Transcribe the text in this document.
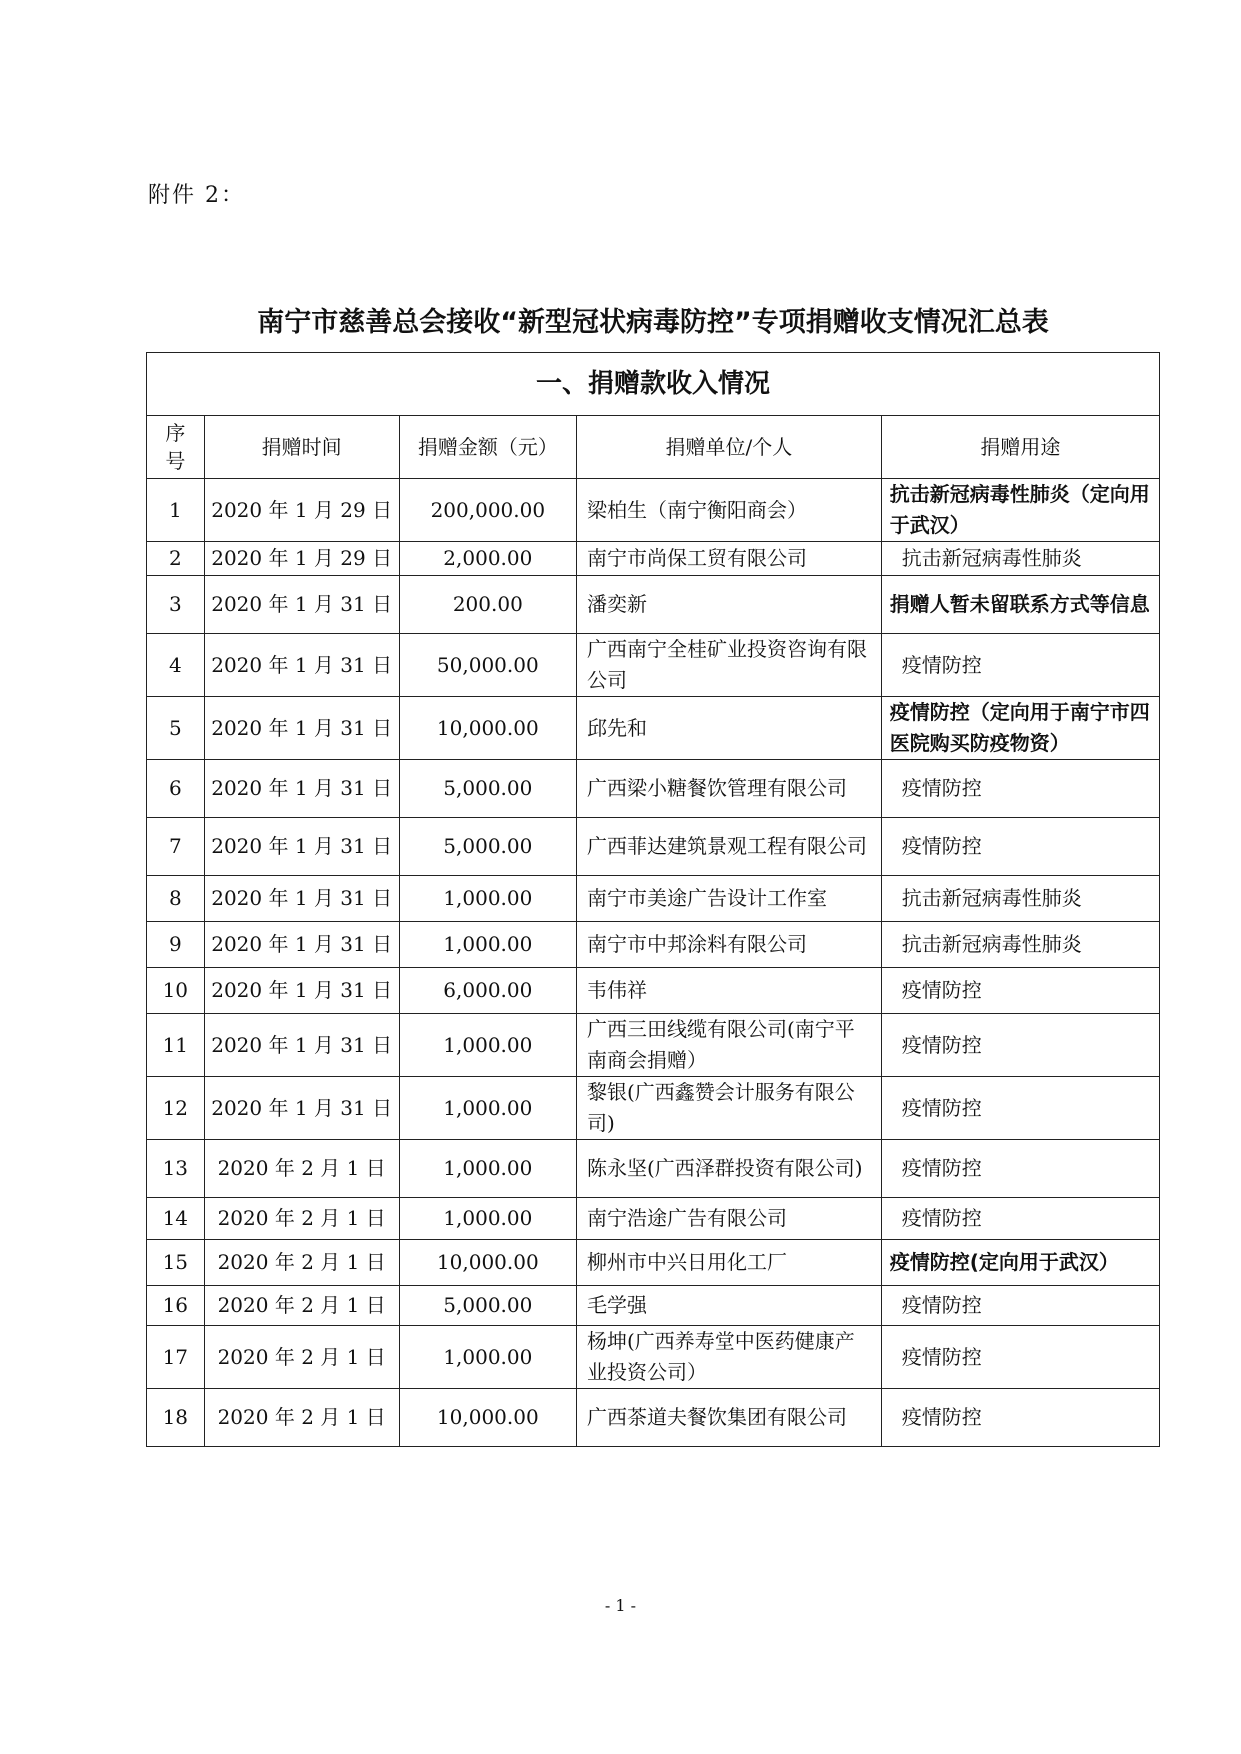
附件 2：
南宁市慈善总会接收“新型冠状病毒防控”专项捐赠收支情况汇总表
一、捐赠款收入情况				
序
号	捐赠时间	捐赠金额（元）	捐赠单位/个人	捐赠用途
1	2020 年 1 月 29 日	200,000.00	梁柏生（南宁衡阳商会）	抗击新冠病毒性肺炎（定向用于武汉）
2	2020 年 1 月 29 日	2,000.00	南宁市尚保工贸有限公司	抗击新冠病毒性肺炎
3	2020 年 1 月 31 日	200.00	潘奕新	捐赠人暂未留联系方式等信息
4	2020 年 1 月 31 日	50,000.00	广西南宁全桂矿业投资咨询有限公司	疫情防控
5	2020 年 1 月 31 日	10,000.00	邱先和	疫情防控（定向用于南宁市四医院购买防疫物资）
6	2020 年 1 月 31 日	5,000.00	广西梁小糖餐饮管理有限公司	疫情防控
7	2020 年 1 月 31 日	5,000.00	广西菲达建筑景观工程有限公司	疫情防控
8	2020 年 1 月 31 日	1,000.00	南宁市美途广告设计工作室	抗击新冠病毒性肺炎
9	2020 年 1 月 31 日	1,000.00	南宁市中邦涂料有限公司	抗击新冠病毒性肺炎
10	2020 年 1 月 31 日	6,000.00	韦伟祥	疫情防控
11	2020 年 1 月 31 日	1,000.00	广西三田线缆有限公司(南宁平南商会捐赠）	疫情防控
12	2020 年 1 月 31 日	1,000.00	黎银(广西鑫赞会计服务有限公司)	疫情防控
13	2020 年 2 月 1 日	1,000.00	陈永坚(广西泽群投资有限公司)	疫情防控
14	2020 年 2 月 1 日	1,000.00	南宁浩途广告有限公司	疫情防控
15	2020 年 2 月 1 日	10,000.00	柳州市中兴日用化工厂	疫情防控(定向用于武汉）
16	2020 年 2 月 1 日	5,000.00	毛学强	疫情防控
17	2020 年 2 月 1 日	1,000.00	杨坤(广西养寿堂中医药健康产业投资公司）	疫情防控
18	2020 年 2 月 1 日	10,000.00	广西茶道夫餐饮集团有限公司	疫情防控
- 1 -
